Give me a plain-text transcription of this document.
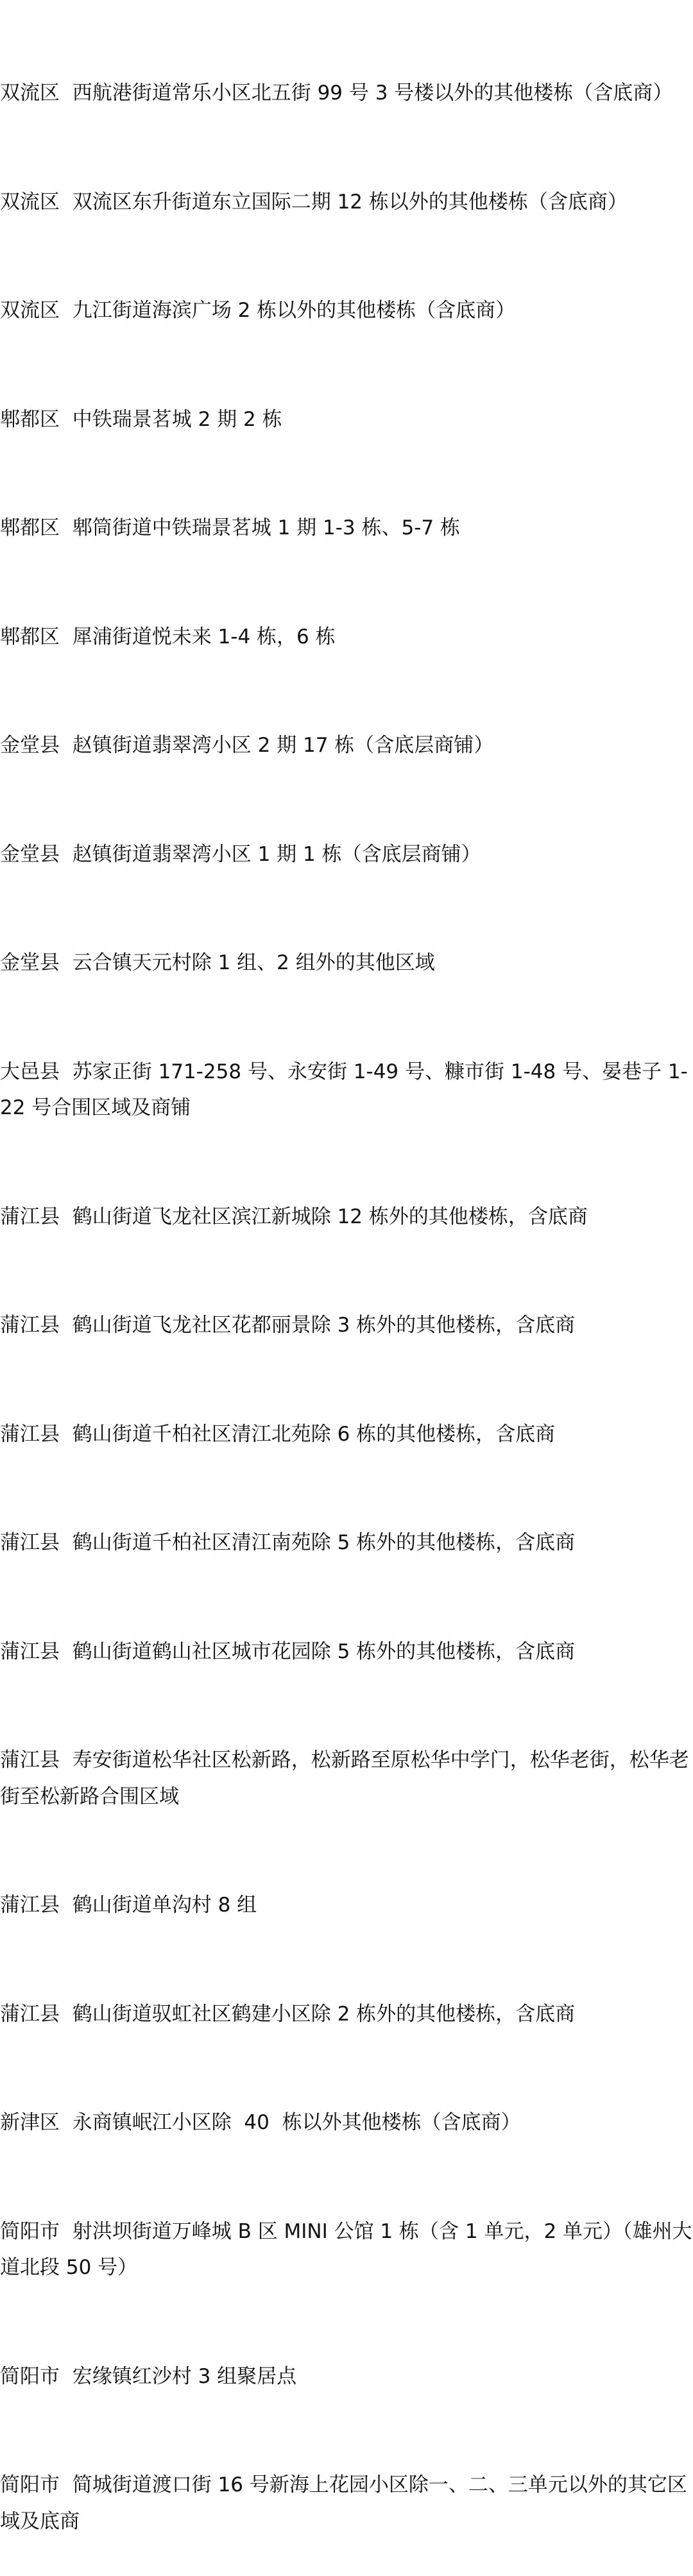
双流区 西航港街道常乐小区北五街 99 号 3 号楼以外的其他楼栋（含底商）

双流区 双流区东升街道东立国际二期 12 栋以外的其他楼栋（含底商）

双流区 九江街道海滨广场 2 栋以外的其他楼栋（含底商）

郫都区 中铁瑞景茗城 2 期 2 栋

郫都区 郫筒街道中铁瑞景茗城 1 期 1-3 栋、5-7 栋

郫都区 犀浦街道悦未来 1-4 栋，6 栋

金堂县 赵镇街道翡翠湾小区 2 期 17 栋（含底层商铺）

金堂县 赵镇街道翡翠湾小区 1 期 1 栋（含底层商铺）

金堂县 云合镇天元村除 1 组、2 组外的其他区域

大邑县 苏家正街 171-258 号、永安街 1-49 号、糠市街 1-48 号、晏巷子 1-22 号合围区域及商铺

蒲江县 鹤山街道飞龙社区滨江新城除 12 栋外的其他楼栋，含底商

蒲江县 鹤山街道飞龙社区花都丽景除 3 栋外的其他楼栋，含底商

蒲江县 鹤山街道千柏社区清江北苑除 6 栋的其他楼栋，含底商

蒲江县 鹤山街道千柏社区清江南苑除 5 栋外的其他楼栋，含底商

蒲江县 鹤山街道鹤山社区城市花园除 5 栋外的其他楼栋，含底商

蒲江县 寿安街道松华社区松新路，松新路至原松华中学门，松华老街，松华老街至松新路合围区域

蒲江县 鹤山街道单沟村 8 组

蒲江县 鹤山街道驭虹社区鹤建小区除 2 栋外的其他楼栋，含底商

新津区 永商镇岷江小区除  40  栋以外其他楼栋（含底商）

简阳市 射洪坝街道万峰城 B 区 MINI 公馆 1 栋（含 1 单元，2 单元）（雄州大道北段 50 号）

简阳市 宏缘镇红沙村 3 组聚居点

简阳市 简城街道渡口街 16 号新海上花园小区除一、二、三单元以外的其它区域及底商
